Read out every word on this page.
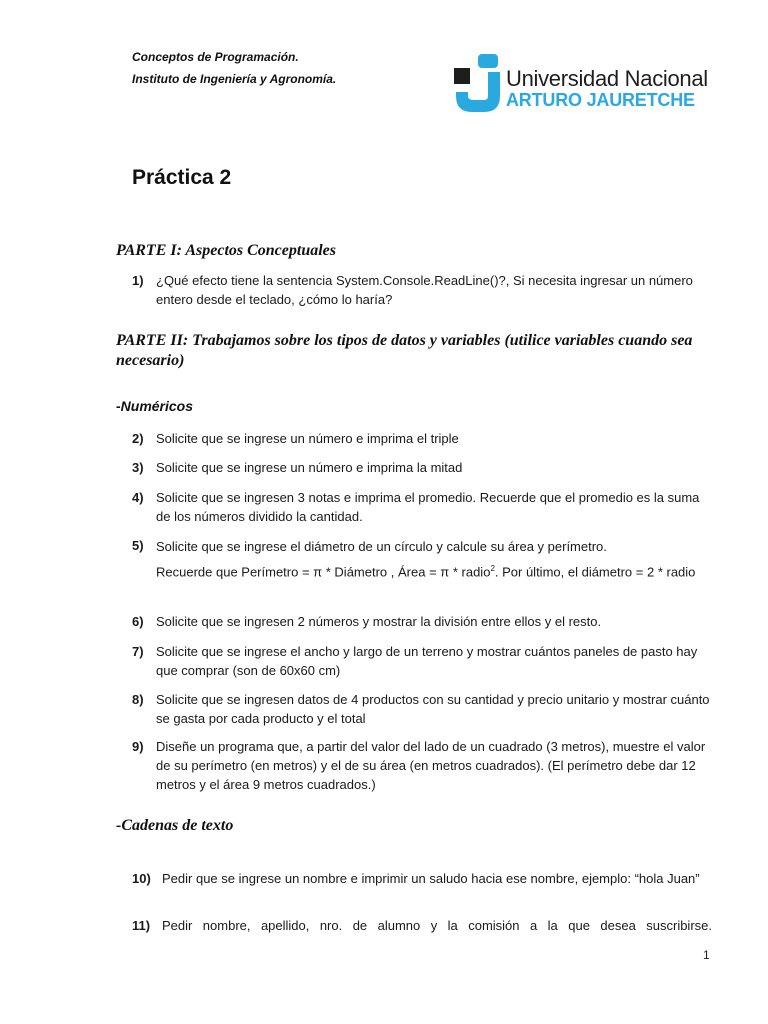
Conceptos de Programación.
Instituto de Ingeniería y Agronomía.	Universidad Nacional
ARTURO JAURETCHE
Práctica 2
PARTE I: Aspectos Conceptuales
1) ¿Qué efecto tiene la sentencia System.Console.ReadLine()?, Si necesita ingresar un número entero desde el teclado, ¿cómo lo haría?
PARTE II: Trabajamos sobre los tipos de datos y variables (utilice variables cuando sea necesario)
-Numéricos
2) Solicite que se ingrese un número e imprima el triple
3) Solicite que se ingrese un número e imprima la mitad
4) Solicite que se ingresen 3 notas e imprima el promedio. Recuerde que el promedio es la suma de los números dividido la cantidad.
5) Solicite que se ingrese el diámetro de un círculo y calcule su área y perímetro.
Recuerde que Perímetro = π * Diámetro , Área = π * radio$^2$. Por último, el diámetro = 2 * radio
6) Solicite que se ingresen 2 números y mostrar la división entre ellos y el resto.
7) Solicite que se ingrese el ancho y largo de un terreno y mostrar cuántos paneles de pasto hay que comprar (son de 60x60 cm)
8) Solicite que se ingresen datos de 4 productos con su cantidad y precio unitario y mostrar cuánto se gasta por cada producto y el total
9) Diseñe un programa que, a partir del valor del lado de un cuadrado (3 metros), muestre el valor de su perímetro (en metros) y el de su área (en metros cuadrados). (El perímetro debe dar 12 metros y el área 9 metros cuadrados.)
-Cadenas de texto
10) Pedir que se ingrese un nombre e imprimir un saludo hacia ese nombre, ejemplo: “hola Juan”
11) Pedir nombre, apellido, nro. de alumno y la comisión a la que desea suscribirse.
1
